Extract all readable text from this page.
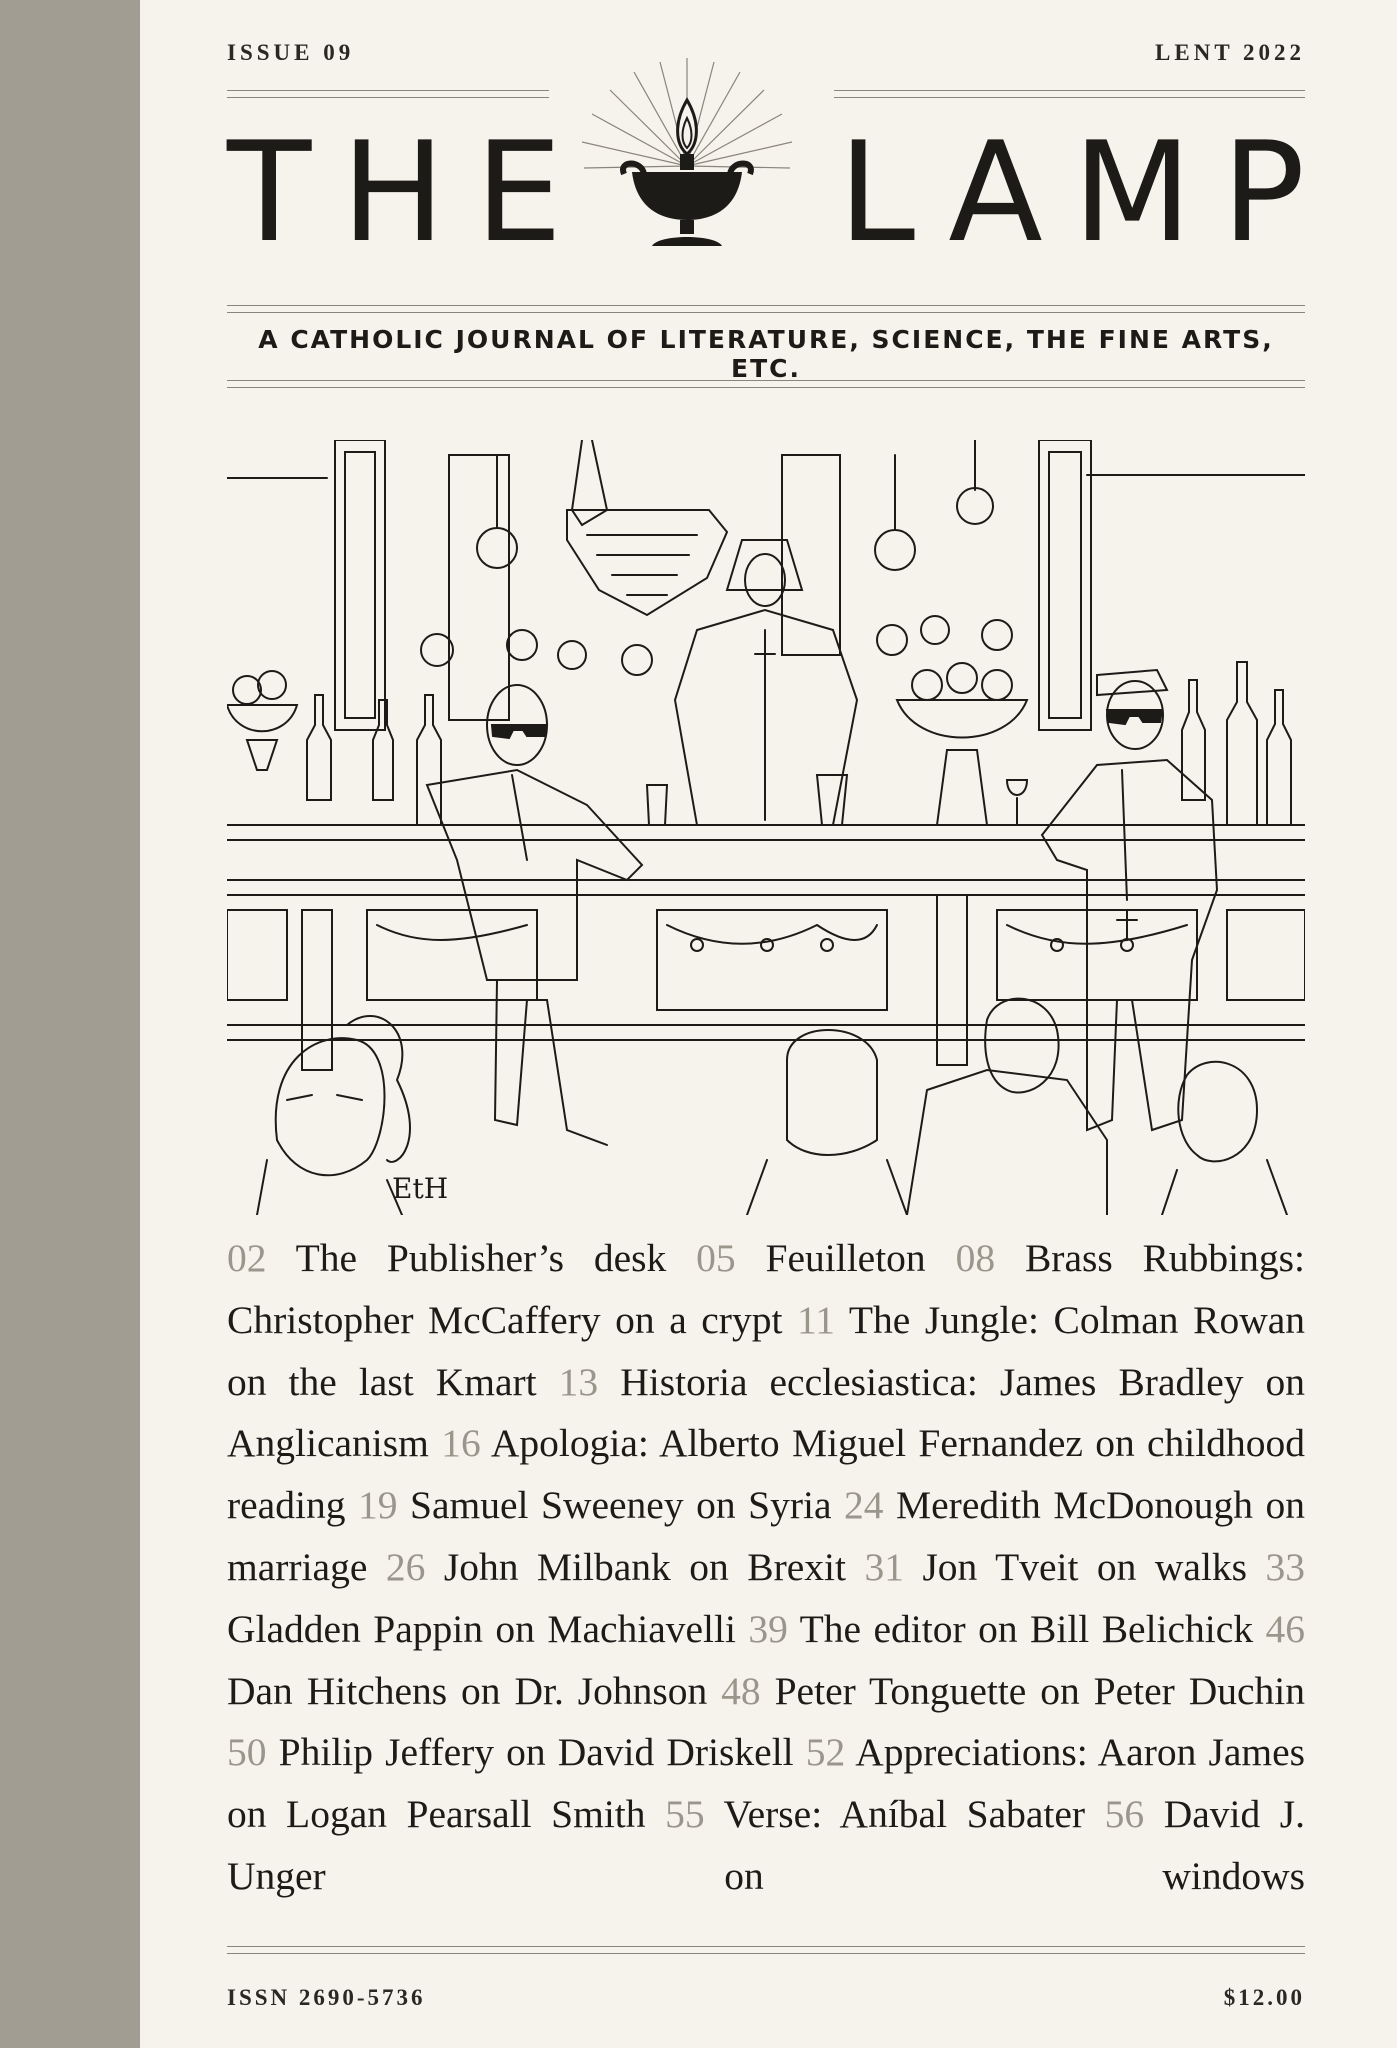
ISSUE 09	LENT 2022
THE LAMP
A CATHOLIC JOURNAL OF LITERATURE, SCIENCE, THE FINE ARTS, ETC.
EtH
02 The Publisher’s desk 05 Feuilleton 08 Brass Rubbings: Christopher McCaffery on a crypt 11 The Jungle: Colman Rowan on the last Kmart 13 Historia ecclesiastica: James Bradley on Anglicanism 16 Apologia: Alberto Miguel Fernandez on childhood reading 19 Samuel Sweeney on Syria 24 Meredith McDonough on marriage 26 John Milbank on Brexit 31 Jon Tveit on walks 33 Gladden Pappin on Machiavelli 39 The editor on Bill Belichick 46 Dan Hitchens on Dr. Johnson 48 Peter Tonguette on Peter Duchin 50 Philip Jeffery on David Driskell 52 Appreciations: Aaron James on Logan Pearsall Smith 55 Verse: Aníbal Sabater 56 David J. Unger on windows
ISSN 2690-5736	$12.00
